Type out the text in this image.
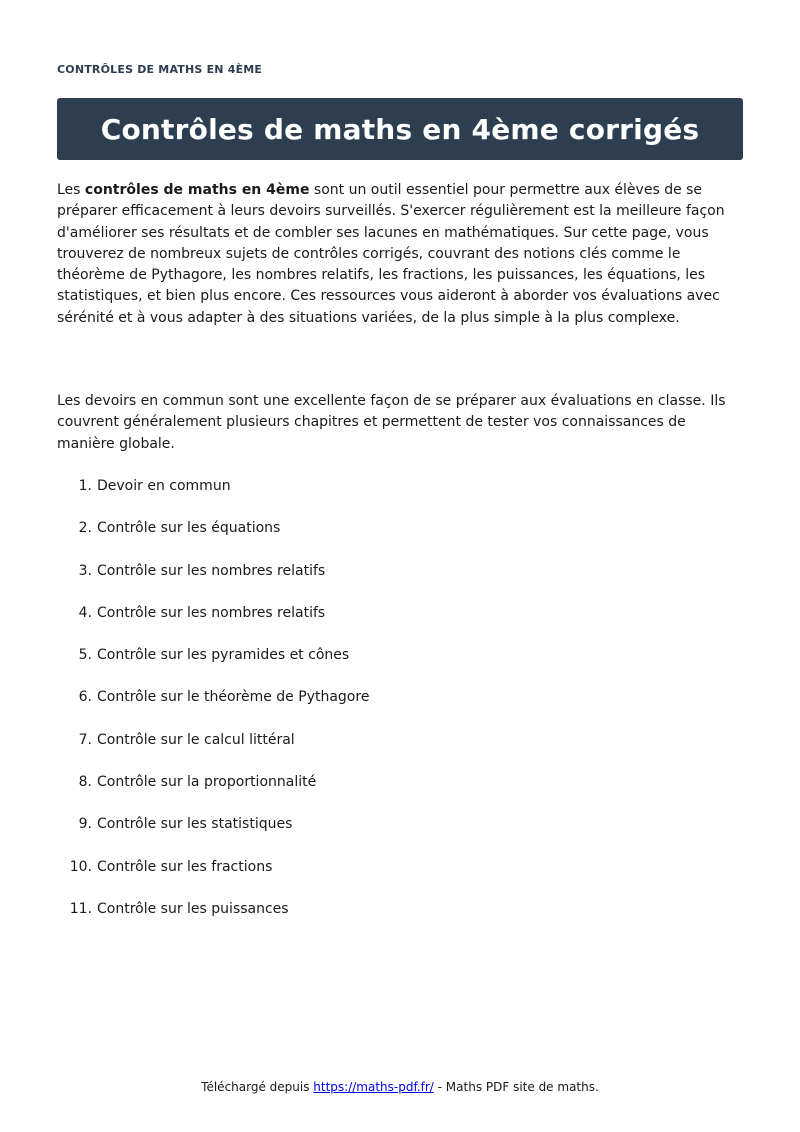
CONTRÔLES DE MATHS EN 4ÈME
Contrôles de maths en 4ème corrigés

Les contrôles de maths en 4ème sont un outil essentiel pour permettre aux élèves de se préparer efficacement à leurs devoirs surveillés. S'exercer régulièrement est la meilleure façon d'améliorer ses résultats et de combler ses lacunes en mathématiques. Sur cette page, vous trouverez de nombreux sujets de contrôles corrigés, couvrant des notions clés comme le théorème de Pythagore, les nombres relatifs, les fractions, les puissances, les équations, les statistiques, et bien plus encore. Ces ressources vous aideront à aborder vos évaluations avec sérénité et à vous adapter à des situations variées, de la plus simple à la plus complexe.

Les devoirs en commun sont une excellente façon de se préparer aux évaluations en classe. Ils couvrent généralement plusieurs chapitres et permettent de tester vos connaissances de manière globale.

1. Devoir en commun
2. Contrôle sur les équations
3. Contrôle sur les nombres relatifs
4. Contrôle sur les nombres relatifs
5. Contrôle sur les pyramides et cônes
6. Contrôle sur le théorème de Pythagore
7. Contrôle sur le calcul littéral
8. Contrôle sur la proportionnalité
9. Contrôle sur les statistiques
10. Contrôle sur les fractions
11. Contrôle sur les puissances
Téléchargé depuis https://maths-pdf.fr/ - Maths PDF site de maths.
